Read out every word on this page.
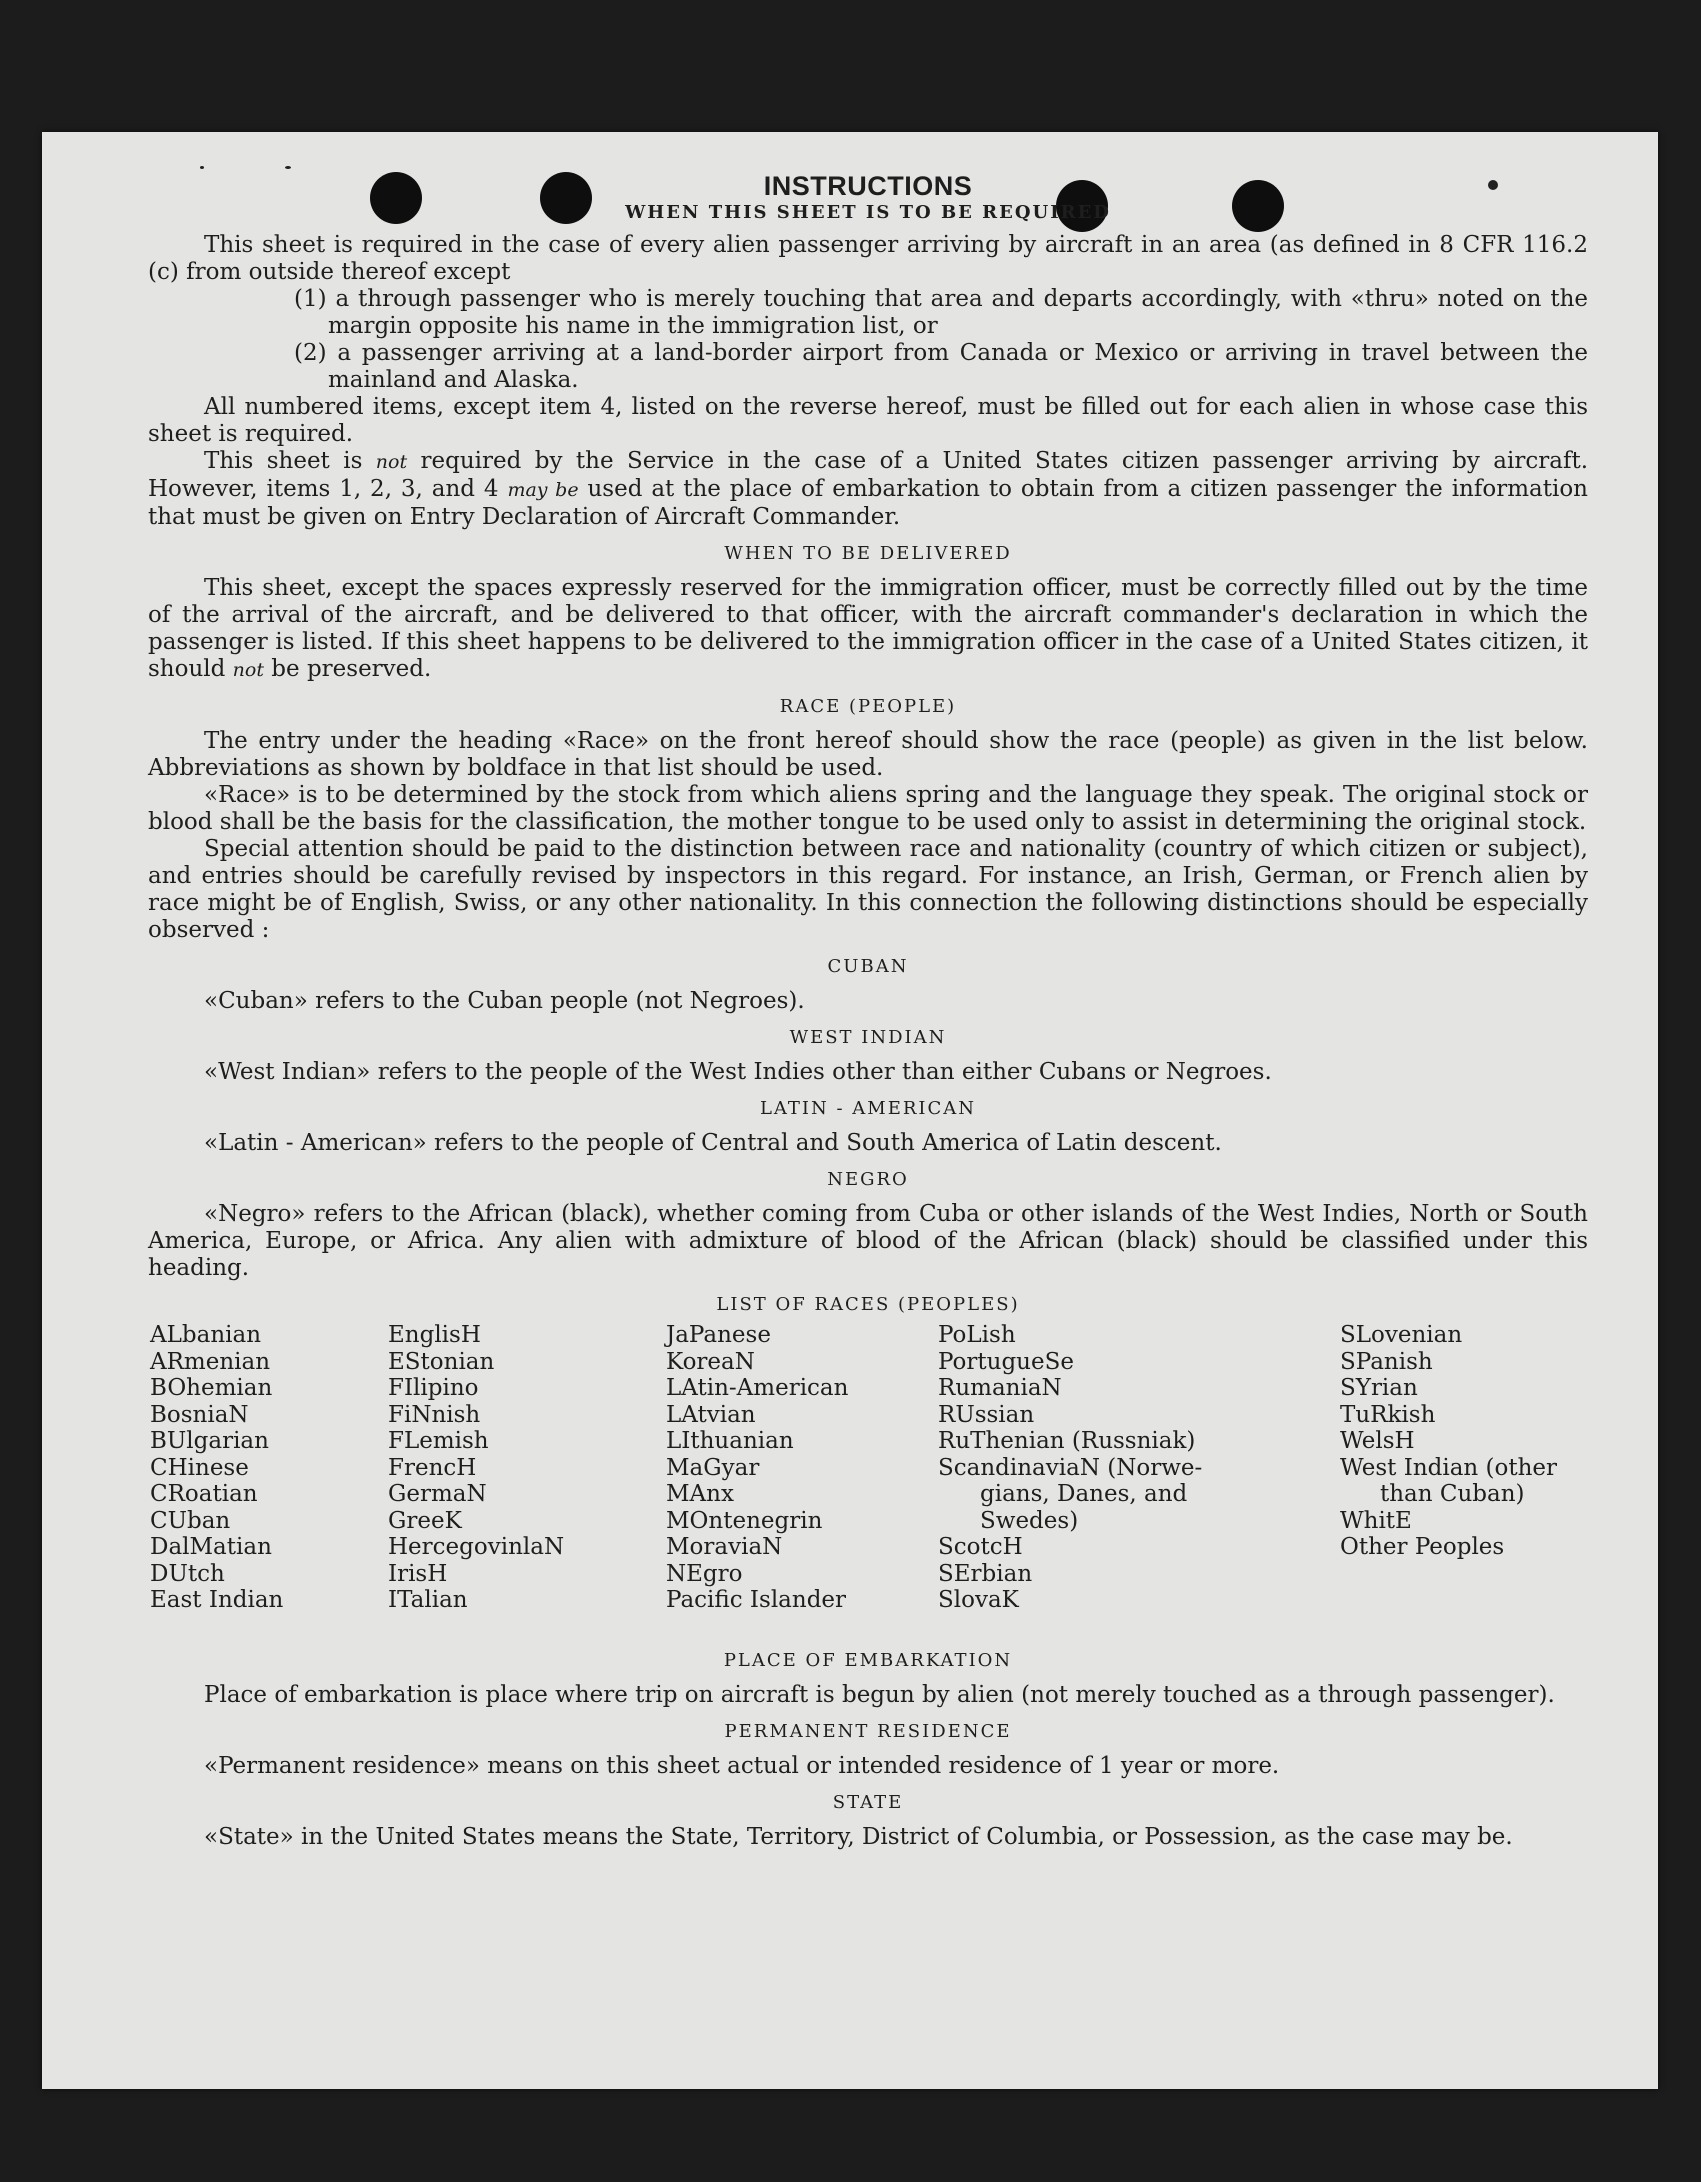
INSTRUCTIONS
WHEN THIS SHEET IS TO BE REQUIRED

This sheet is required in the case of every alien passenger arriving by aircraft in an area (as defined in 8 CFR 116.2 (c) from outside thereof except

(1) a through passenger who is merely touching that area and departs accordingly, with «thru» noted on the margin opposite his name in the immigration list, or

(2) a passenger arriving at a land-border airport from Canada or Mexico or arriving in travel between the mainland and Alaska.

All numbered items, except item 4, listed on the reverse hereof, must be filled out for each alien in whose case this sheet is required.

This sheet is not required by the Service in the case of a United States citizen passenger arriving by aircraft. However, items 1, 2, 3, and 4 may be used at the place of embarkation to obtain from a citizen passenger the information that must be given on Entry Declaration of Aircraft Commander.

WHEN TO BE DELIVERED

This sheet, except the spaces expressly reserved for the immigration officer, must be correctly filled out by the time of the arrival of the aircraft, and be delivered to that officer, with the aircraft commander's declaration in which the passenger is listed. If this sheet happens to be delivered to the immigration officer in the case of a United States citizen, it should not be preserved.

RACE (PEOPLE)

The entry under the heading «Race» on the front hereof should show the race (people) as given in the list below. Abbreviations as shown by boldface in that list should be used.

«Race» is to be determined by the stock from which aliens spring and the language they speak. The original stock or blood shall be the basis for the classification, the mother tongue to be used only to assist in determining the original stock.

Special attention should be paid to the distinction between race and nationality (country of which citizen or subject), and entries should be carefully revised by inspectors in this regard. For instance, an Irish, German, or French alien by race might be of English, Swiss, or any other nationality. In this connection the following distinctions should be especially observed :

CUBAN

«Cuban» refers to the Cuban people (not Negroes).

WEST INDIAN

«West Indian» refers to the people of the West Indies other than either Cubans or Negroes.

LATIN - AMERICAN

«Latin - American» refers to the people of Central and South America of Latin descent.

NEGRO

«Negro» refers to the African (black), whether coming from Cuba or other islands of the West Indies, North or South America, Europe, or Africa. Any alien with admixture of blood of the African (black) should be classified under this heading.

LIST OF RACES (PEOPLES)
ALbanian
ARmenian
BOhemian
BosniaN
BUlgarian
CHinese
CRoatian
CUban
DalMatian
DUtch
East Indian
EnglisH
EStonian
FIlipino
FiNnish
FLemish
FrencH
GermaN
GreeK
HercegovinlaN
IrisH
ITalian
JaPanese
KoreaN
LAtin-American
LAtvian
LIthuanian
MaGyar
MAnx
MOntenegrin
MoraviaN
NEgro
Pacific Islander
PoLish
PortugueSe
RumaniaN
RUssian
RuThenian (Russniak)
ScandinaviaN (Norwe-
gians, Danes, and
Swedes)
ScotcH
SErbian
SlovaK
SLovenian
SPanish
SYrian
TuRkish
WelsH
West Indian (other
than Cuban)
WhitE
Other Peoples
PLACE OF EMBARKATION

Place of embarkation is place where trip on aircraft is begun by alien (not merely touched as a through passenger).

PERMANENT RESIDENCE

«Permanent residence» means on this sheet actual or intended residence of 1 year or more.

STATE

«State» in the United States means the State, Territory, District of Columbia, or Possession, as the case may be.
